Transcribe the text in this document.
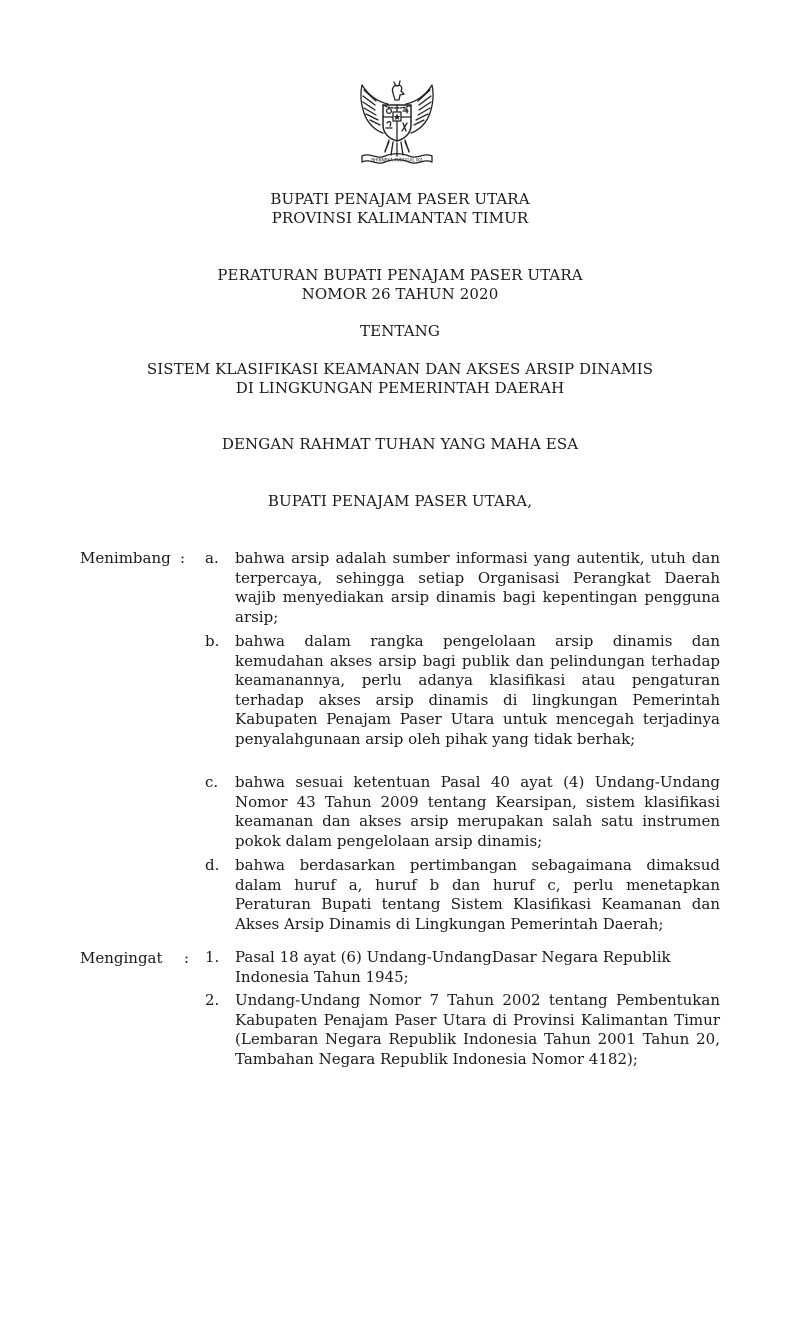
BHINNEKA TUNGGAL IKA
BUPATI PENAJAM PASER UTARA
PROVINSI KALIMANTAN TIMUR
PERATURAN BUPATI PENAJAM PASER UTARA
NOMOR 26 TAHUN 2020
TENTANG
SISTEM KLASIFIKASI KEAMANAN DAN AKSES ARSIP DINAMIS
DI LINGKUNGAN PEMERINTAH DAERAH
DENGAN RAHMAT TUHAN YANG MAHA ESA
BUPATI PENAJAM PASER UTARA,
Menimbang : a.	bahwa arsip adalah sumber informasi yang autentik, utuh dan terpercaya, sehingga setiap Organisasi Perangkat Daerah wajib menyediakan arsip dinamis bagi kepentingan pengguna arsip;
b.	bahwa dalam rangka pengelolaan arsip dinamis dan kemudahan akses arsip bagi publik dan pelindungan terhadap keamanannya, perlu adanya klasifikasi atau pengaturan terhadap akses arsip dinamis di lingkungan Pemerintah Kabupaten Penajam Paser Utara untuk mencegah terjadinya penyalahgunaan arsip oleh pihak yang tidak berhak;
c.	bahwa sesuai ketentuan Pasal 40 ayat (4) Undang-Undang Nomor 43 Tahun 2009 tentang Kearsipan, sistem klasifikasi keamanan dan akses arsip merupakan salah satu instrumen pokok dalam pengelolaan arsip dinamis;
d.	bahwa berdasarkan pertimbangan sebagaimana dimaksud dalam huruf a, huruf b dan huruf c, perlu menetapkan Peraturan Bupati tentang Sistem Klasifikasi Keamanan dan Akses Arsip Dinamis di Lingkungan Pemerintah Daerah;
Mengingat : 1.	Pasal 18 ayat (6) Undang-UndangDasar Negara Republik Indonesia Tahun 1945;
2.	Undang-Undang Nomor 7 Tahun 2002 tentang Pembentukan Kabupaten Penajam Paser Utara di Provinsi Kalimantan Timur (Lembaran Negara Republik Indonesia Tahun 2001 Tahun 20, Tambahan Negara Republik Indonesia Nomor 4182);
